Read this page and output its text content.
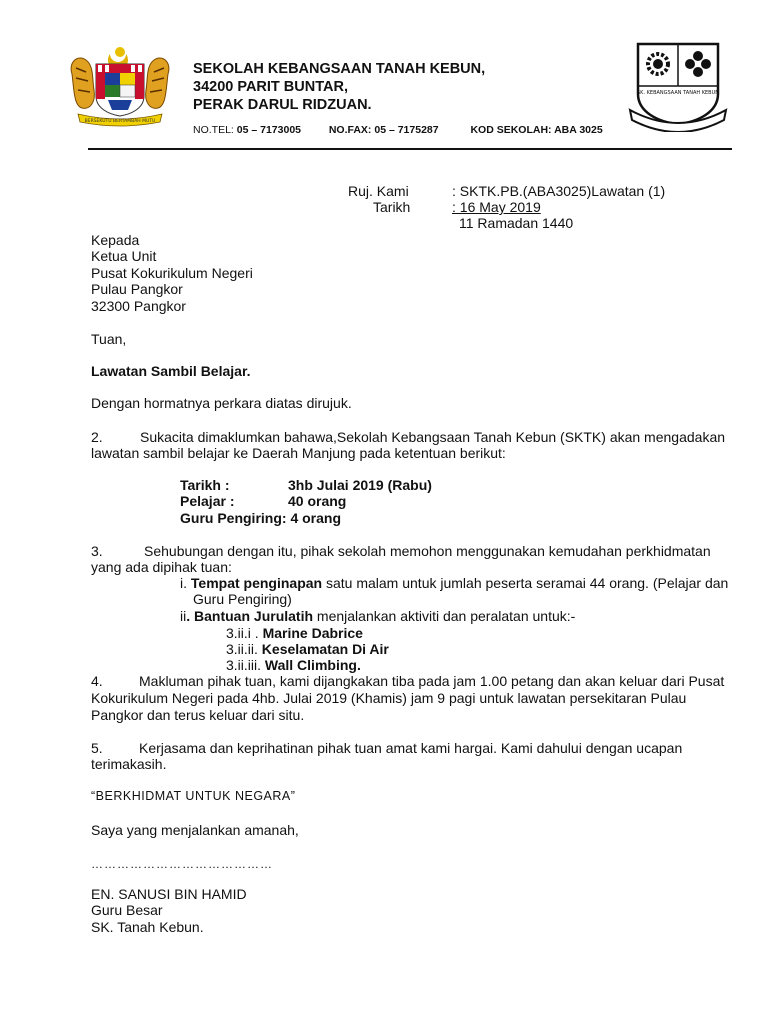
BERSEKUTU BERTAMBAH MUTU
SEKOLAH KEBANGSAAN TANAH KEBUN,
34200 PARIT BUNTAR,
PERAK DARUL RIDZUAN.
NO.TEL: 05 – 7173005	NO.FAX: 05 – 7175287	KOD SEKOLAH: ABA 3025
SK. KEBANGSAAN TANAH KEBUN
Ruj. Kami	: SKTK.PB.(ABA3025)Lawatan (1)
Tarikh	: 16 May 2019
11 Ramadan 1440
Kepada
Ketua Unit
Pusat Kokurikulum Negeri
Pulau Pangkor
32300 Pangkor
Tuan,
Lawatan Sambil Belajar.
Dengan hormatnya perkara diatas dirujuk.
2.	Sukacita dimaklumkan bahawa,Sekolah Kebangsaan Tanah Kebun (SKTK) akan mengadakan
lawatan sambil belajar ke Daerah Manjung pada ketentuan berikut:
Tarikh :	3hb Julai 2019 (Rabu)
Pelajar :	40 orang
Guru Pengiring: 4 orang
3.	Sehubungan dengan itu, pihak sekolah memohon menggunakan kemudahan perkhidmatan
yang ada dipihak tuan:
i. Tempat penginapan satu malam untuk jumlah peserta seramai 44 orang. (Pelajar dan
Guru Pengiring)
ii. Bantuan Jurulatih menjalankan aktiviti dan peralatan untuk:-
3.ii.i . Marine Dabrice
3.ii.ii. Keselamatan Di Air
3.ii.iii. Wall Climbing.
4.	Makluman pihak tuan, kami dijangkakan tiba pada jam 1.00 petang dan akan keluar dari Pusat
Kokurikulum Negeri pada 4hb. Julai 2019 (Khamis) jam 9 pagi untuk lawatan persekitaran Pulau
Pangkor dan terus keluar dari situ.
5.	Kerjasama dan keprihatinan pihak tuan amat kami hargai. Kami dahului dengan ucapan
terimakasih.
“BERKHIDMAT UNTUK NEGARA”
Saya yang menjalankan amanah,
……………………………………
EN. SANUSI BIN HAMID
Guru Besar
SK. Tanah Kebun.
